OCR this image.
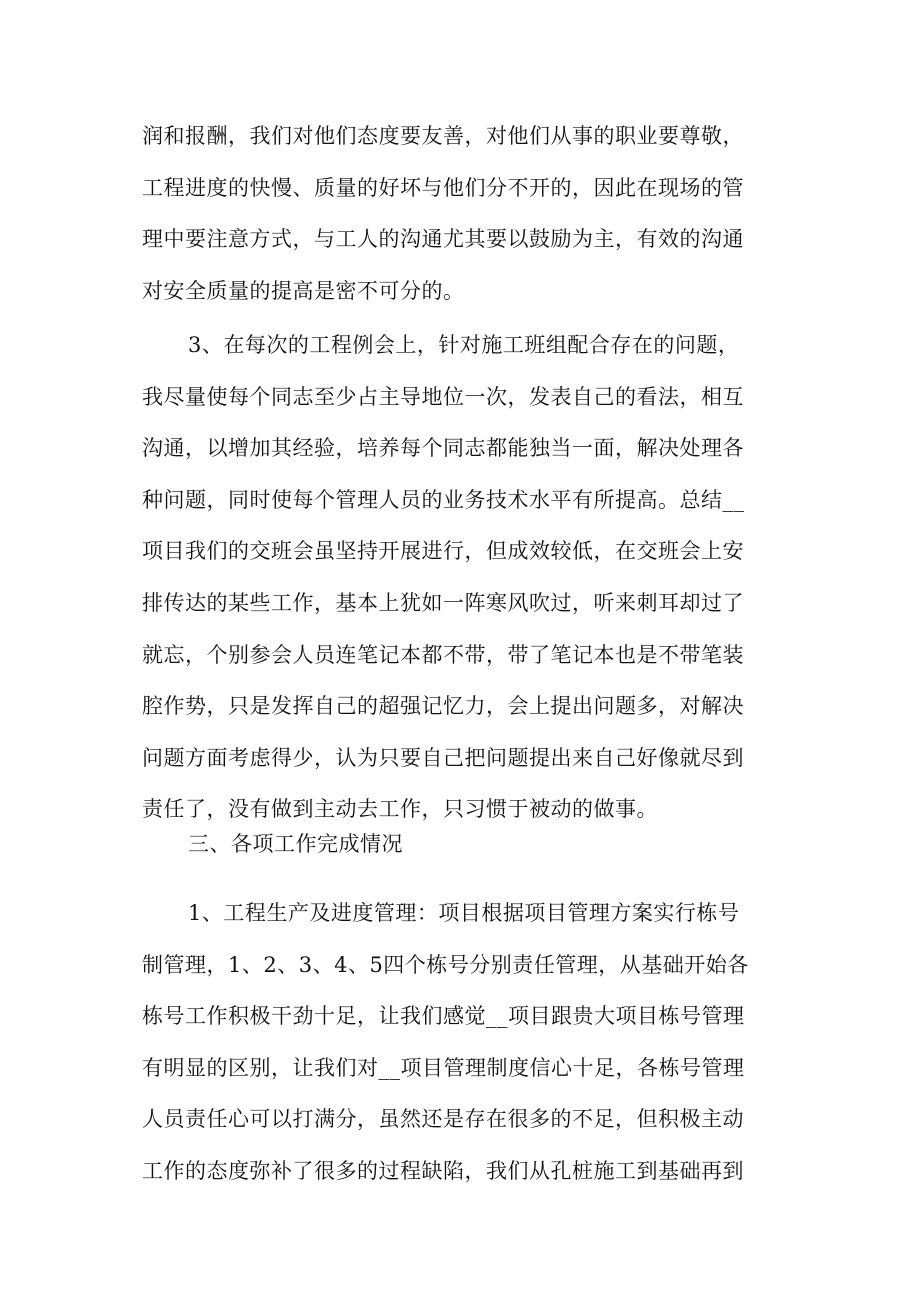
润和报酬，我们对他们态度要友善，对他们从事的职业要尊敬，
工程进度的快慢、质量的好坏与他们分不开的，因此在现场的管
理中要注意方式，与工人的沟通尤其要以鼓励为主，有效的沟通
对安全质量的提高是密不可分的。
3、在每次的工程例会上，针对施工班组配合存在的问题，
我尽量使每个同志至少占主导地位一次，发表自己的看法，相互
沟通，以增加其经验，培养每个同志都能独当一面，解决处理各
种问题，同时使每个管理人员的业务技术水平有所提高。总结__
项目我们的交班会虽坚持开展进行，但成效较低，在交班会上安
排传达的某些工作，基本上犹如一阵寒风吹过，听来刺耳却过了
就忘，个别参会人员连笔记本都不带，带了笔记本也是不带笔装
腔作势，只是发挥自己的超强记忆力，会上提出问题多，对解决
问题方面考虑得少，认为只要自己把问题提出来自己好像就尽到
责任了，没有做到主动去工作，只习惯于被动的做事。
三、各项工作完成情况
1、工程生产及进度管理：项目根据项目管理方案实行栋号
制管理，1、2、3、4、5四个栋号分别责任管理，从基础开始各
栋号工作积极干劲十足，让我们感觉__项目跟贵大项目栋号管理
有明显的区别，让我们对__项目管理制度信心十足，各栋号管理
人员责任心可以打满分，虽然还是存在很多的不足，但积极主动
工作的态度弥补了很多的过程缺陷，我们从孔桩施工到基础再到
